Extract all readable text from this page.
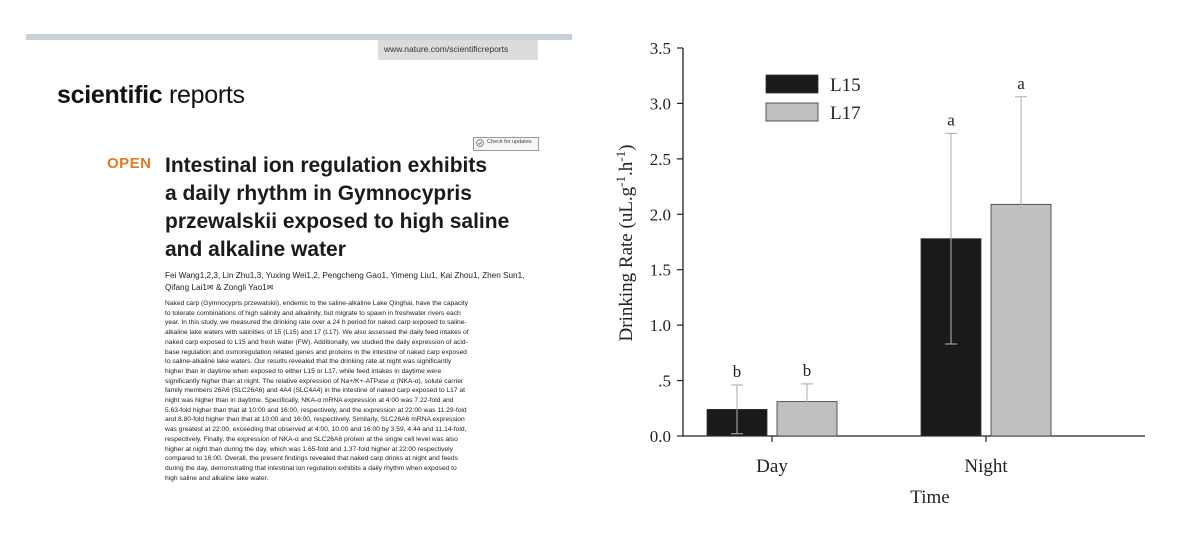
www.nature.com/scientificreports
scientific reports
Check for updates
OPEN Intestinal ion regulation exhibits
a daily rhythm in Gymnocypris
przewalskii exposed to high saline
and alkaline water
Fei Wang1,2,3, Lin Zhu1,3, Yuxing Wei1,2, Pengcheng Gao1, Yimeng Liu1, Kai Zhou1, Zhen Sun1,
Qifang Lai1✉ & Zongli Yao1✉
Naked carp (Gymnocypris przewalskii), endemic to the saline-alkaline Lake Qinghai, have the capacity
to tolerate combinations of high salinity and alkalinity, but migrate to spawn in freshwater rivers each
year. In this study, we measured the drinking rate over a 24 h period for naked carp exposed to saline-
alkaline lake waters with salinities of 15 (L15) and 17 (L17). We also assessed the daily feed intakes of
naked carp exposed to L15 and fresh water (FW). Additionally, we studied the daily expression of acid-
base regulation and osmoregulation related genes and proteins in the intestine of naked carp exposed
to saline-alkaline lake waters. Our results revealed that the drinking rate at night was significantly
higher than in daytime when exposed to either L15 or L17, while feed intakes in daytime were
significantly higher than at night. The relative expression of Na+/K+-ATPase α (NKA-α), solute carrier
family members 26A6 (SLC26A6) and 4A4 (SLC4A4) in the intestine of naked carp exposed to L17 at
night was higher than in daytime. Specifically, NKA-α mRNA expression at 4:00 was 7.22-fold and
5.63-fold higher than that at 10:00 and 16:00, respectively, and the expression at 22:00 was 11.29-fold
and 8.80-fold higher than that at 10:00 and 16:00, respectively. Similarly, SLC26A6 mRNA expression
was greatest at 22:00, exceeding that observed at 4:00, 10:00 and 16:00 by 3.59, 4.44 and 11.14-fold,
respectively. Finally, the expression of NKA-α and SLC26A6 protein at the single cell level was also
higher at night than during the day, which was 1.65-fold and 1.37-fold higher at 22:00 respectively
compared to 16:00. Overall, the present findings revealed that naked carp drinks at night and feeds
during the day, demonstrating that intestinal ion regulation exhibits a daily rhythm when exposed to
high saline and alkaline lake water.
0.0
.5
1.0
1.5
2.0
2.5
3.0
3.5
Day	Night
b	b
a
a
L15
L17
Time
Drinking Rate $(uL.g^{-1}.h^{-1})$
